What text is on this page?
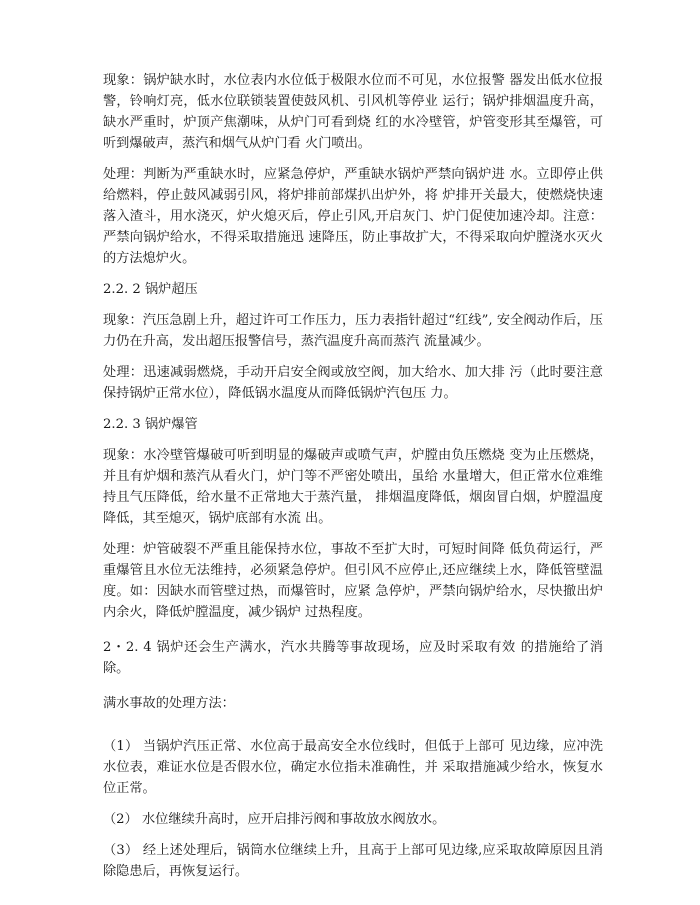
现象：锅炉缺水时，水位表内水位低于极限水位而不可见，水位报警 器发出低水位报警，铃响灯亮，低水位联锁装置使鼓风机、引风机等停业 运行；锅炉排烟温度升高，缺水严重时，炉顶产焦潮味，从炉门可看到烧 红的水冷壁管，炉管变形其至爆管，可听到爆破声，蒸汽和烟气从炉门看 火门喷出。

处理：判断为严重缺水时，应紧急停炉，严重缺水锅炉严禁向锅炉进 水。立即停止供给燃料，停止鼓风减弱引风，将炉排前部煤扒出炉外，将 炉排开关最大，使燃烧快速落入渣斗，用水浇灭，炉火熄灭后，停止引风,开启灰门、炉门促使加速冷却。注意：严禁向锅炉给水，不得采取措施迅 速降压，防止事故扩大，不得采取向炉膛浇水灭火的方法熄炉火。

2.2. 2 锅炉超压

现象：汽压急剧上升，超过许可工作压力，压力表指针超过“红线”, 安全阀动作后，压力仍在升高，发出超压报警信号，蒸汽温度升高而蒸汽 流量减少。

处理：迅速减弱燃烧，手动开启安全阀或放空阀，加大给水、加大排 污（此时要注意保持锅炉正常水位），降低锅水温度从而降低锅炉汽包压 力。

2.2. 3 锅炉爆管

现象：水冷壁管爆破可听到明显的爆破声或喷气声，炉膛由负压燃烧 变为止压燃烧，并且有炉烟和蒸汽从看火门，炉门等不严密处喷出，虽给 水量增大，但正常水位难维持且气压降低，给水量不正常地大于蒸汽量， 排烟温度降低，烟囱冒白烟，炉膛温度降低，其至熄灭，锅炉底部有水流 出。

处理：炉管破裂不严重且能保持水位，事故不至扩大时，可短时间降 低负荷运行，严重爆管且水位无法维持，必须紧急停炉。但引风不应停止,还应继续上水，降低管壁温度。如：因缺水而管壁过热，而爆管时，应紧 急停炉，严禁向锅炉给水，尽快撤出炉内余火，降低炉膛温度，减少锅炉 过热程度。

2・2. 4 锅炉还会生产满水，汽水共腾等事故现场，应及时采取有效 的措施给了消除。

满水事故的处理方法：

（1） 当锅炉汽压正常、水位高于最高安全水位线时，但低于上部可 见边缘，应冲洗水位表，难证水位是否假水位，确定水位指未准确性，并 采取措施减少给水，恢复水位正常。

（2） 水位继续升高时，应开启排污阀和事故放水阀放水。

（3） 经上述处理后，锅筒水位继续上升，且高于上部可见边缘,应采取故障原因且消除隐患后，再恢复运行。
